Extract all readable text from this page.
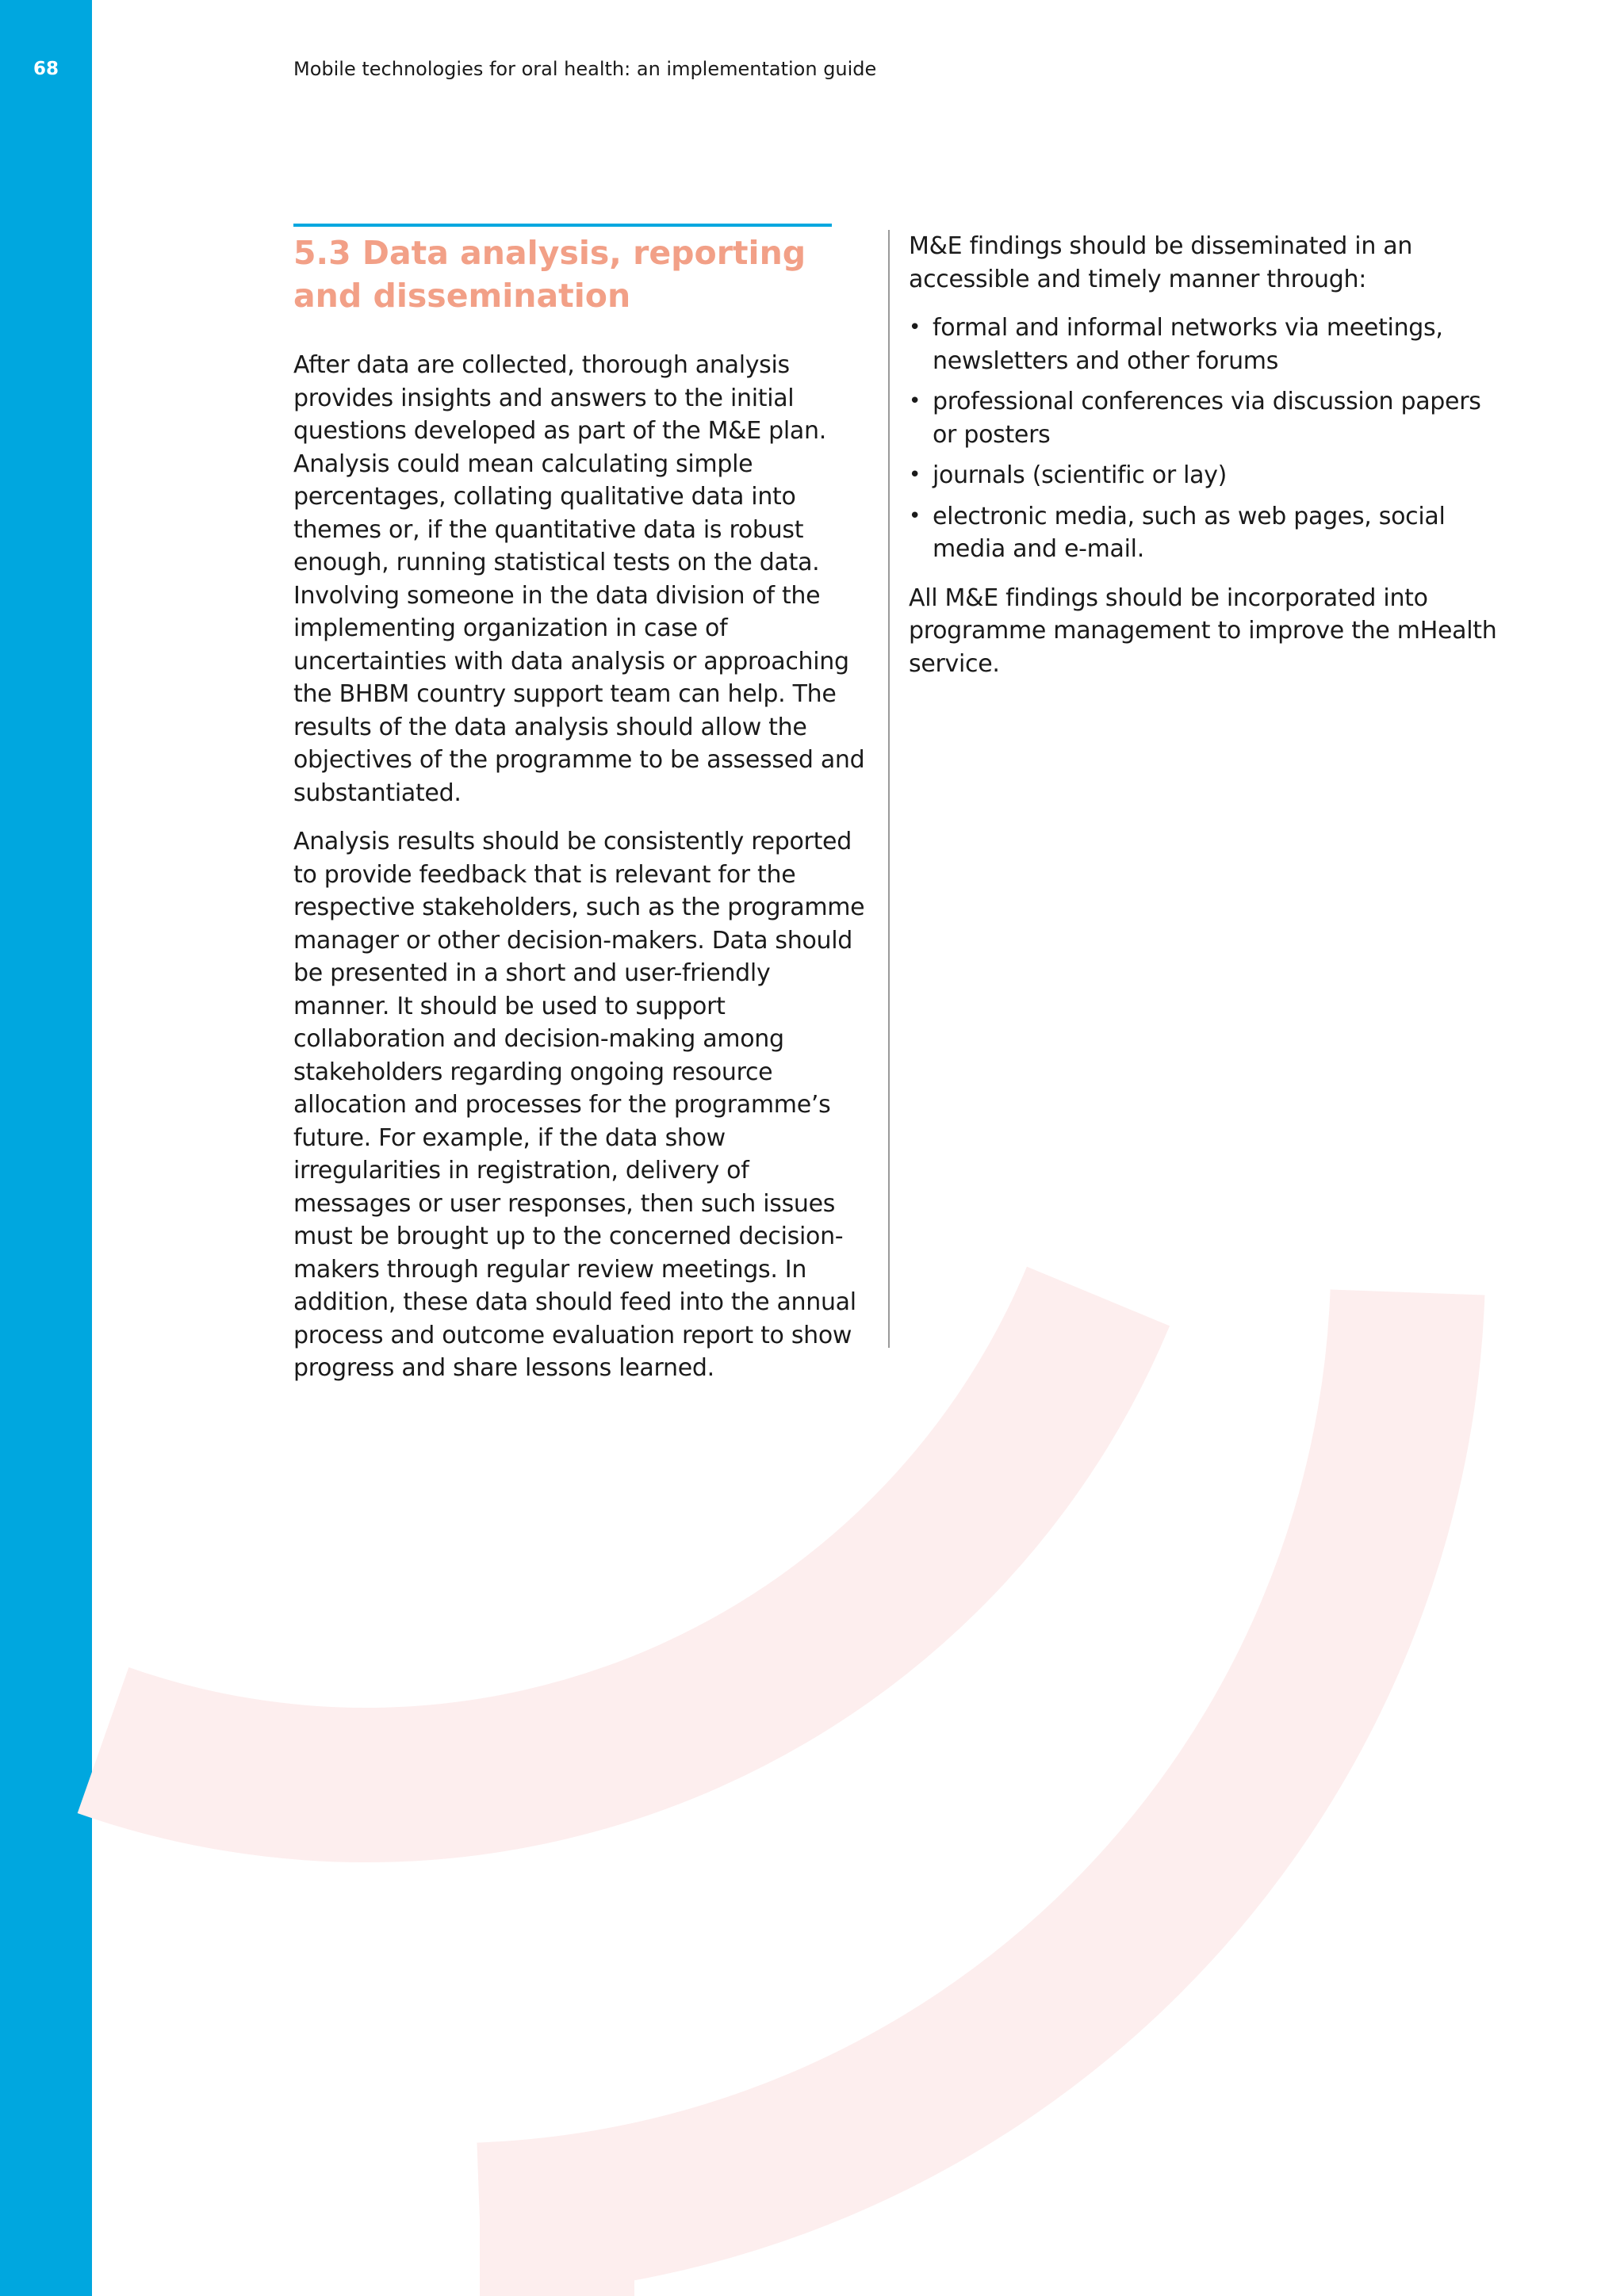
68	Mobile technologies for oral health: an implementation guide
5.3 Data analysis, reporting and dissemination

After data are collected, thorough analysis provides insights and answers to the initial questions developed as part of the M&E plan. Analysis could mean calculating simple percentages, collating qualitative data into themes or, if the quantitative data is robust enough, running statistical tests on the data. Involving someone in the data division of the implementing organization in case of uncertainties with data analysis or approaching the BHBM country support team can help. The results of the data analysis should allow the objectives of the programme to be assessed and substantiated.

Analysis results should be consistently reported to provide feedback that is relevant for the respective stakeholders, such as the programme manager or other decision-makers. Data should be presented in a short and user-friendly manner. It should be used to support collaboration and decision-making among stakeholders regarding ongoing resource allocation and processes for the programme’s future. For example, if the data show irregularities in registration, delivery of messages or user responses, then such issues must be brought up to the concerned decision-makers through regular review meetings. In addition, these data should feed into the annual process and outcome evaluation report to show progress and share lessons learned.

M&E findings should be disseminated in an accessible and timely manner through:

• formal and informal networks via meetings, newsletters and other forums
• professional conferences via discussion papers or posters
• journals (scientific or lay)
• electronic media, such as web pages, social media and e-mail.

All M&E findings should be incorporated into programme management to improve the mHealth service.
